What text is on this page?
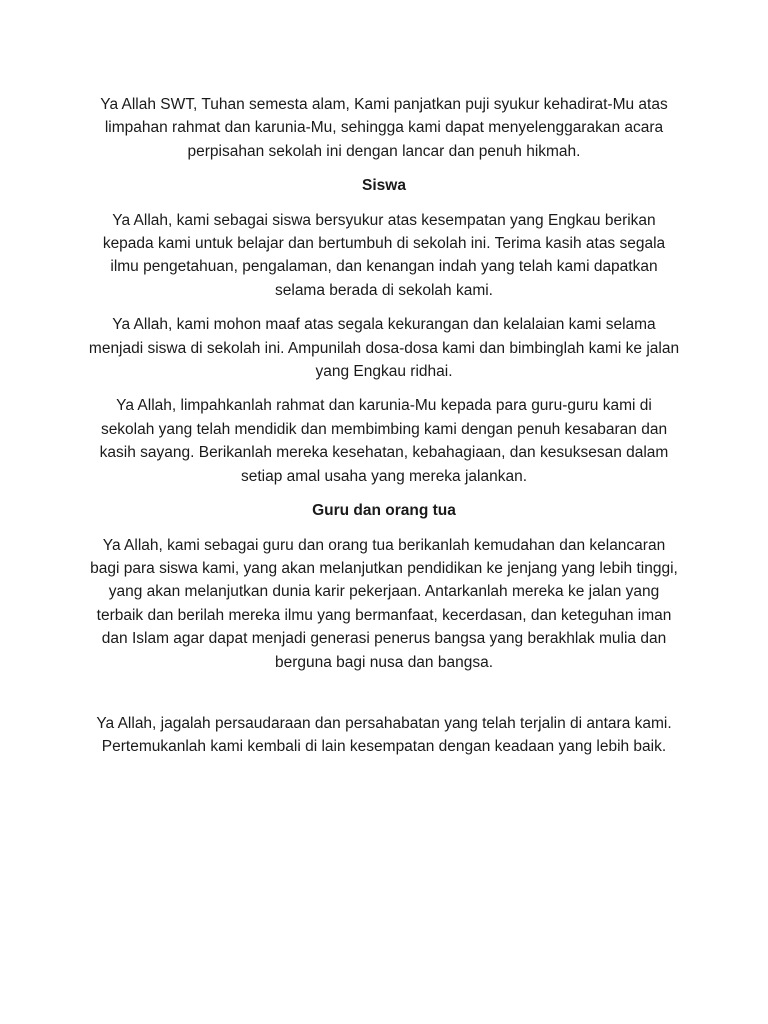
Ya Allah SWT, Tuhan semesta alam, Kami panjatkan puji syukur kehadirat-Mu atas limpahan rahmat dan karunia-Mu, sehingga kami dapat menyelenggarakan acara perpisahan sekolah ini dengan lancar dan penuh hikmah.

Siswa

Ya Allah, kami sebagai siswa bersyukur atas kesempatan yang Engkau berikan kepada kami untuk belajar dan bertumbuh di sekolah ini. Terima kasih atas segala ilmu pengetahuan, pengalaman, dan kenangan indah yang telah kami dapatkan selama berada di sekolah kami.

Ya Allah, kami mohon maaf atas segala kekurangan dan kelalaian kami selama menjadi siswa di sekolah ini. Ampunilah dosa-dosa kami dan bimbinglah kami ke jalan yang Engkau ridhai.

Ya Allah, limpahkanlah rahmat dan karunia-Mu kepada para guru-guru kami di sekolah yang telah mendidik dan membimbing kami dengan penuh kesabaran dan kasih sayang. Berikanlah mereka kesehatan, kebahagiaan, dan kesuksesan dalam setiap amal usaha yang mereka jalankan.

Guru dan orang tua

Ya Allah, kami sebagai guru dan orang tua berikanlah kemudahan dan kelancaran bagi para siswa kami, yang akan melanjutkan pendidikan ke jenjang yang lebih tinggi, yang akan melanjutkan dunia karir pekerjaan. Antarkanlah mereka ke jalan yang terbaik dan berilah mereka ilmu yang bermanfaat, kecerdasan, dan keteguhan iman dan Islam agar dapat menjadi generasi penerus bangsa yang berakhlak mulia dan berguna bagi nusa dan bangsa.

Ya Allah, jagalah persaudaraan dan persahabatan yang telah terjalin di antara kami. Pertemukanlah kami kembali di lain kesempatan dengan keadaan yang lebih baik.
